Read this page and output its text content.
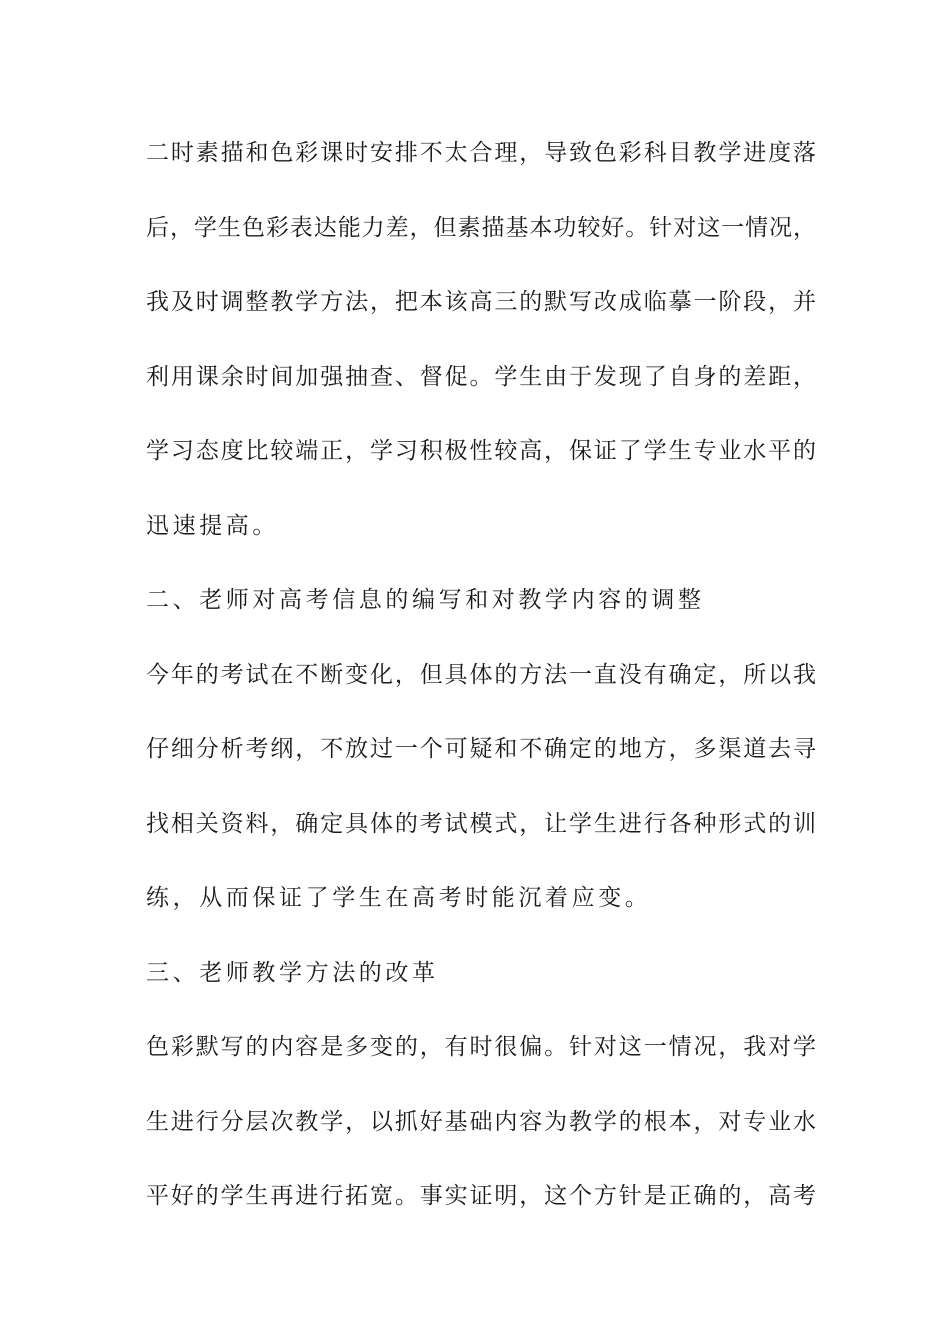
二时素描和色彩课时安排不太合理，导致色彩科目教学进度落
后，学生色彩表达能力差，但素描基本功较好。针对这一情况，
我及时调整教学方法，把本该高三的默写改成临摹一阶段，并
利用课余时间加强抽查、督促。学生由于发现了自身的差距，
学习态度比较端正，学习积极性较高，保证了学生专业水平的
迅速提高。
二、老师对高考信息的编写和对教学内容的调整
今年的考试在不断变化，但具体的方法一直没有确定，所以我
仔细分析考纲，不放过一个可疑和不确定的地方，多渠道去寻
找相关资料，确定具体的考试模式，让学生进行各种形式的训
练，从而保证了学生在高考时能沉着应变。
三、老师教学方法的改革
色彩默写的内容是多变的，有时很偏。针对这一情况，我对学
生进行分层次教学，以抓好基础内容为教学的根本，对专业水
平好的学生再进行拓宽。事实证明，这个方针是正确的，高考
